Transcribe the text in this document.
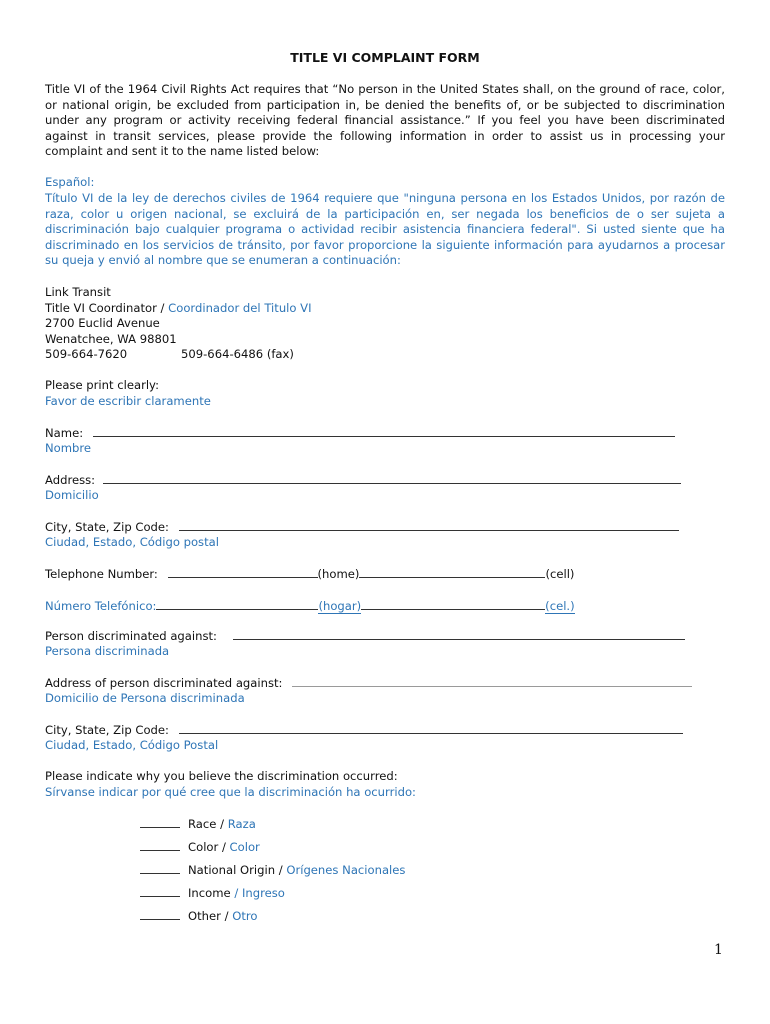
TITLE VI COMPLAINT FORM

Title VI of the 1964 Civil Rights Act requires that “No person in the United States shall, on the ground of race, color, or national origin, be excluded from participation in, be denied the benefits of, or be subjected to discrimination under any program or activity receiving federal financial assistance.” If you feel you have been discriminated against in transit services, please provide the following information in order to assist us in processing your complaint and sent it to the name listed below:

Español:

Título VI de la ley de derechos civiles de 1964 requiere que "ninguna persona en los Estados Unidos, por razón de raza, color u origen nacional, se excluirá de la participación en, ser negada los beneficios de o ser sujeta a discriminación bajo cualquier programa o actividad recibir asistencia financiera federal". Si usted siente que ha discriminado en los servicios de tránsito, por favor proporcione la siguiente información para ayudarnos a procesar su queja y envió al nombre que se enumeran a continuación:

Link Transit
Title VI Coordinator / Coordinador del Titulo VI
2700 Euclid Avenue
Wenatchee, WA 98801
509-664-7620	509-664-6486 (fax)
Please print clearly:
Favor de escribir claramente
Name:
Nombre
Address:
Domicilio
City, State, Zip Code:
Ciudad, Estado, Código postal
Telephone Number:	(home)	(cell)
Número Telefónico:	(hogar)	(cel.)
Person discriminated against:
Persona discriminada
Address of person discriminated against:
Domicilio de Persona discriminada
City, State, Zip Code:
Ciudad, Estado, Código Postal
Please indicate why you believe the discrimination occurred:
Sírvanse indicar por qué cree que la discriminación ha ocurrido:
Race / Raza
Color / Color
National Origin / Orígenes Nacionales
Income / Ingreso
Other / Otro
1
